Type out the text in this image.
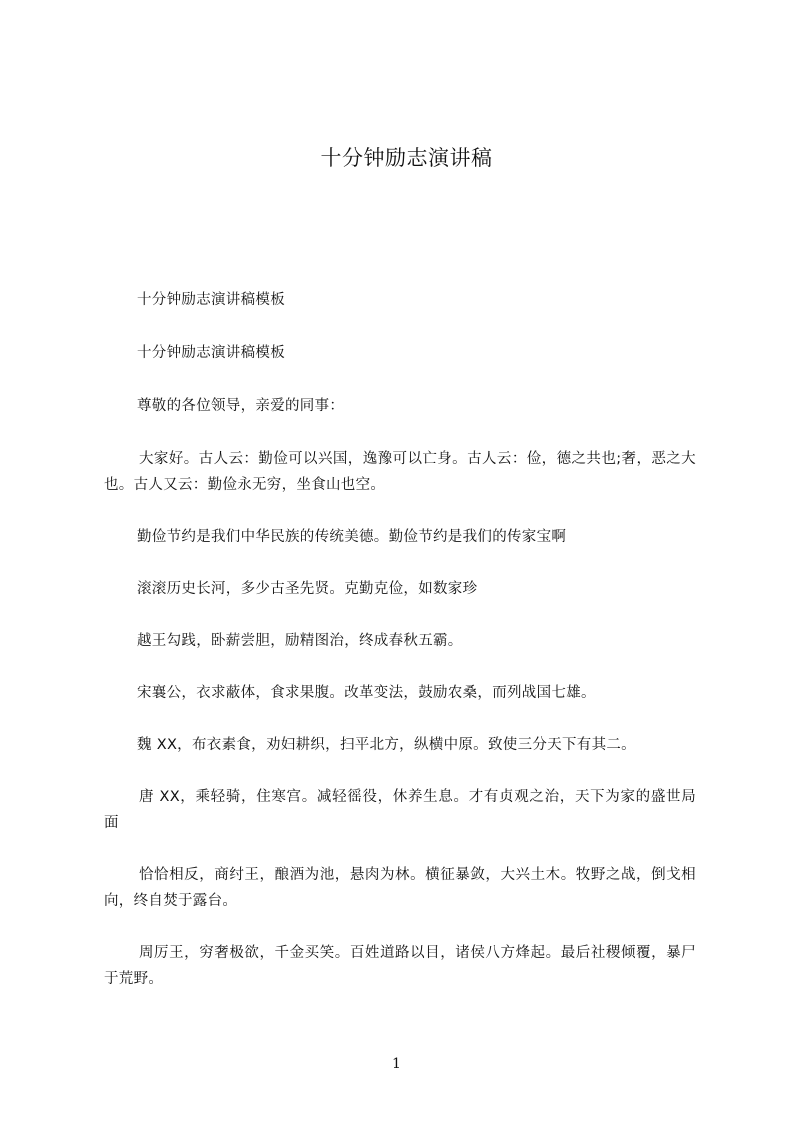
十分钟励志演讲稿

十分钟励志演讲稿模板

十分钟励志演讲稿模板

尊敬的各位领导，亲爱的同事：

大家好。古人云：勤俭可以兴国，逸豫可以亡身。古人云：俭，德之共也;奢，恶之大也。古人又云：勤俭永无穷，坐食山也空。

勤俭节约是我们中华民族的传统美德。勤俭节约是我们的传家宝啊

滚滚历史长河，多少古圣先贤。克勤克俭，如数家珍

越王勾践，卧薪尝胆，励精图治，终成春秋五霸。

宋襄公，衣求蔽体，食求果腹。改革变法，鼓励农桑，而列战国七雄。

魏 XX，布衣素食，劝妇耕织，扫平北方，纵横中原。致使三分天下有其二。

唐 XX，乘轻骑，住寒宫。减轻徭役，休养生息。才有贞观之治，天下为家的盛世局面

恰恰相反，商纣王，酿酒为池，悬肉为林。横征暴敛，大兴土木。牧野之战，倒戈相向，终自焚于露台。

周厉王，穷奢极欲，千金买笑。百姓道路以目，诸侯八方烽起。最后社稷倾覆，暴尸于荒野。

1
